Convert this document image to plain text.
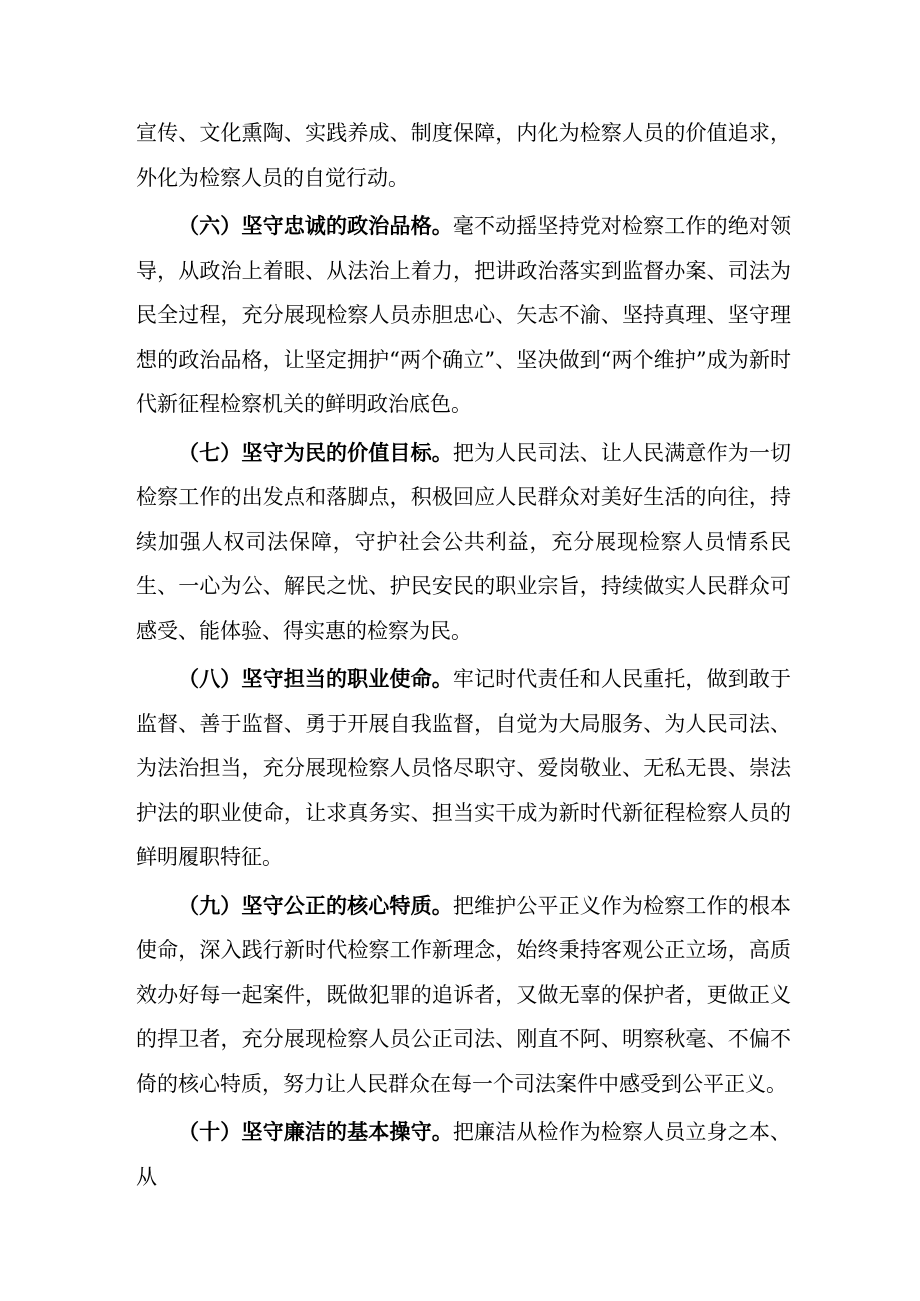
宣传、文化熏陶、实践养成、制度保障，内化为检察人员的价值追求，外化为检察人员的自觉行动。

（六）坚守忠诚的政治品格。毫不动摇坚持党对检察工作的绝对领导，从政治上着眼、从法治上着力，把讲政治落实到监督办案、司法为民全过程，充分展现检察人员赤胆忠心、矢志不渝、坚持真理、坚守理想的政治品格，让坚定拥护“两个确立”、坚决做到“两个维护”成为新时代新征程检察机关的鲜明政治底色。

（七）坚守为民的价值目标。把为人民司法、让人民满意作为一切检察工作的出发点和落脚点，积极回应人民群众对美好生活的向往，持续加强人权司法保障，守护社会公共利益，充分展现检察人员情系民生、一心为公、解民之忧、护民安民的职业宗旨，持续做实人民群众可感受、能体验、得实惠的检察为民。

（八）坚守担当的职业使命。牢记时代责任和人民重托，做到敢于监督、善于监督、勇于开展自我监督，自觉为大局服务、为人民司法、为法治担当，充分展现检察人员恪尽职守、爱岗敬业、无私无畏、崇法护法的职业使命，让求真务实、担当实干成为新时代新征程检察人员的鲜明履职特征。

（九）坚守公正的核心特质。把维护公平正义作为检察工作的根本使命，深入践行新时代检察工作新理念，始终秉持客观公正立场，高质效办好每一起案件，既做犯罪的追诉者，又做无辜的保护者，更做正义的捍卫者，充分展现检察人员公正司法、刚直不阿、明察秋毫、不偏不倚的核心特质，努力让人民群众在每一个司法案件中感受到公平正义。

（十）坚守廉洁的基本操守。把廉洁从检作为检察人员立身之本、从
